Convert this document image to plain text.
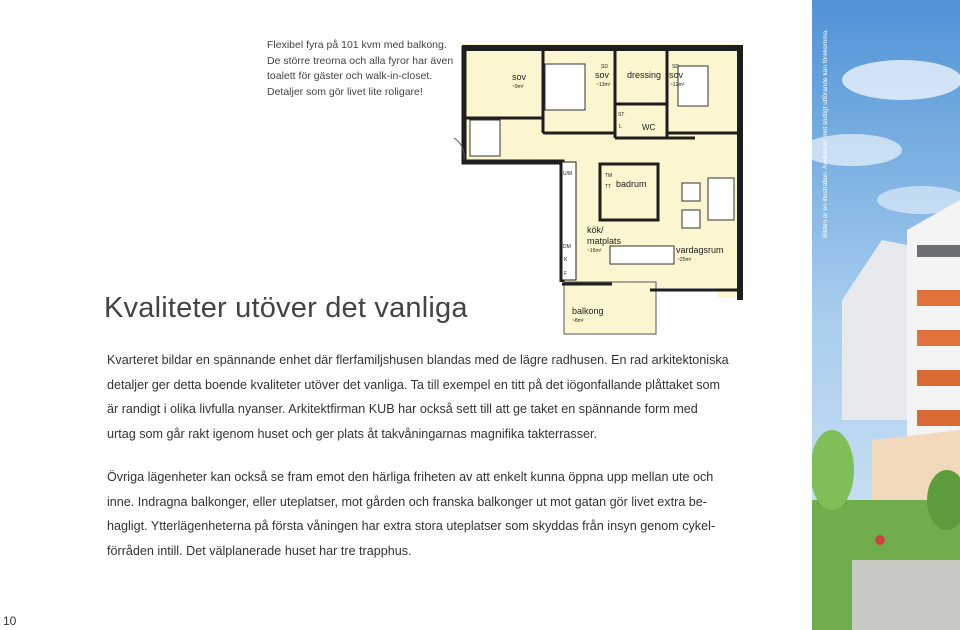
Flexibel fyra på 101 kvm med balkong.
De större treorna och alla fyror har även
toalett för gäster och walk-in-closet.
Detaljer som gör livet lite roligare!
sov
~9m²
SD
sov
~13m²
dressing
SD
sov
~12m²
ST
L	WC
BUS
U/M	TM
TT badrum
DM
K
F
kök/
matplats
~16m²	vardagsrum
~25m²
balkong
~8m²
Kvaliteter utöver det vanliga
Kvarteret bildar en spännande enhet där flerfamiljshusen blandas med de lägre radhusen. En rad arkitektoniska
detaljer ger detta boende kvaliteter utöver det vanliga. Ta till exempel en titt på det iögonfallande plåttaket som
är randigt i olika livfulla nyanser. Arkitektfirman KUB har också sett till att ge taket en spännande form med
urtag som går rakt igenom huset och ger plats åt takvåningarnas magnifika takterrasser.
Övriga lägenheter kan också se fram emot den härliga friheten av att enkelt kunna öppna upp mellan ute och
inne. Indragna balkonger, eller uteplatser, mot gården och franska balkonger ut mot gatan gör livet extra be-
hagligt. Ytterlägenheterna på första våningen har extra stora uteplatser som skyddas från insyn genom cykel-
förråden intill. Det välplanerade huset har tre trapphus.
10
Bilden är en illustration. Avvikelser mot slutligt utförande kan förekomma.
